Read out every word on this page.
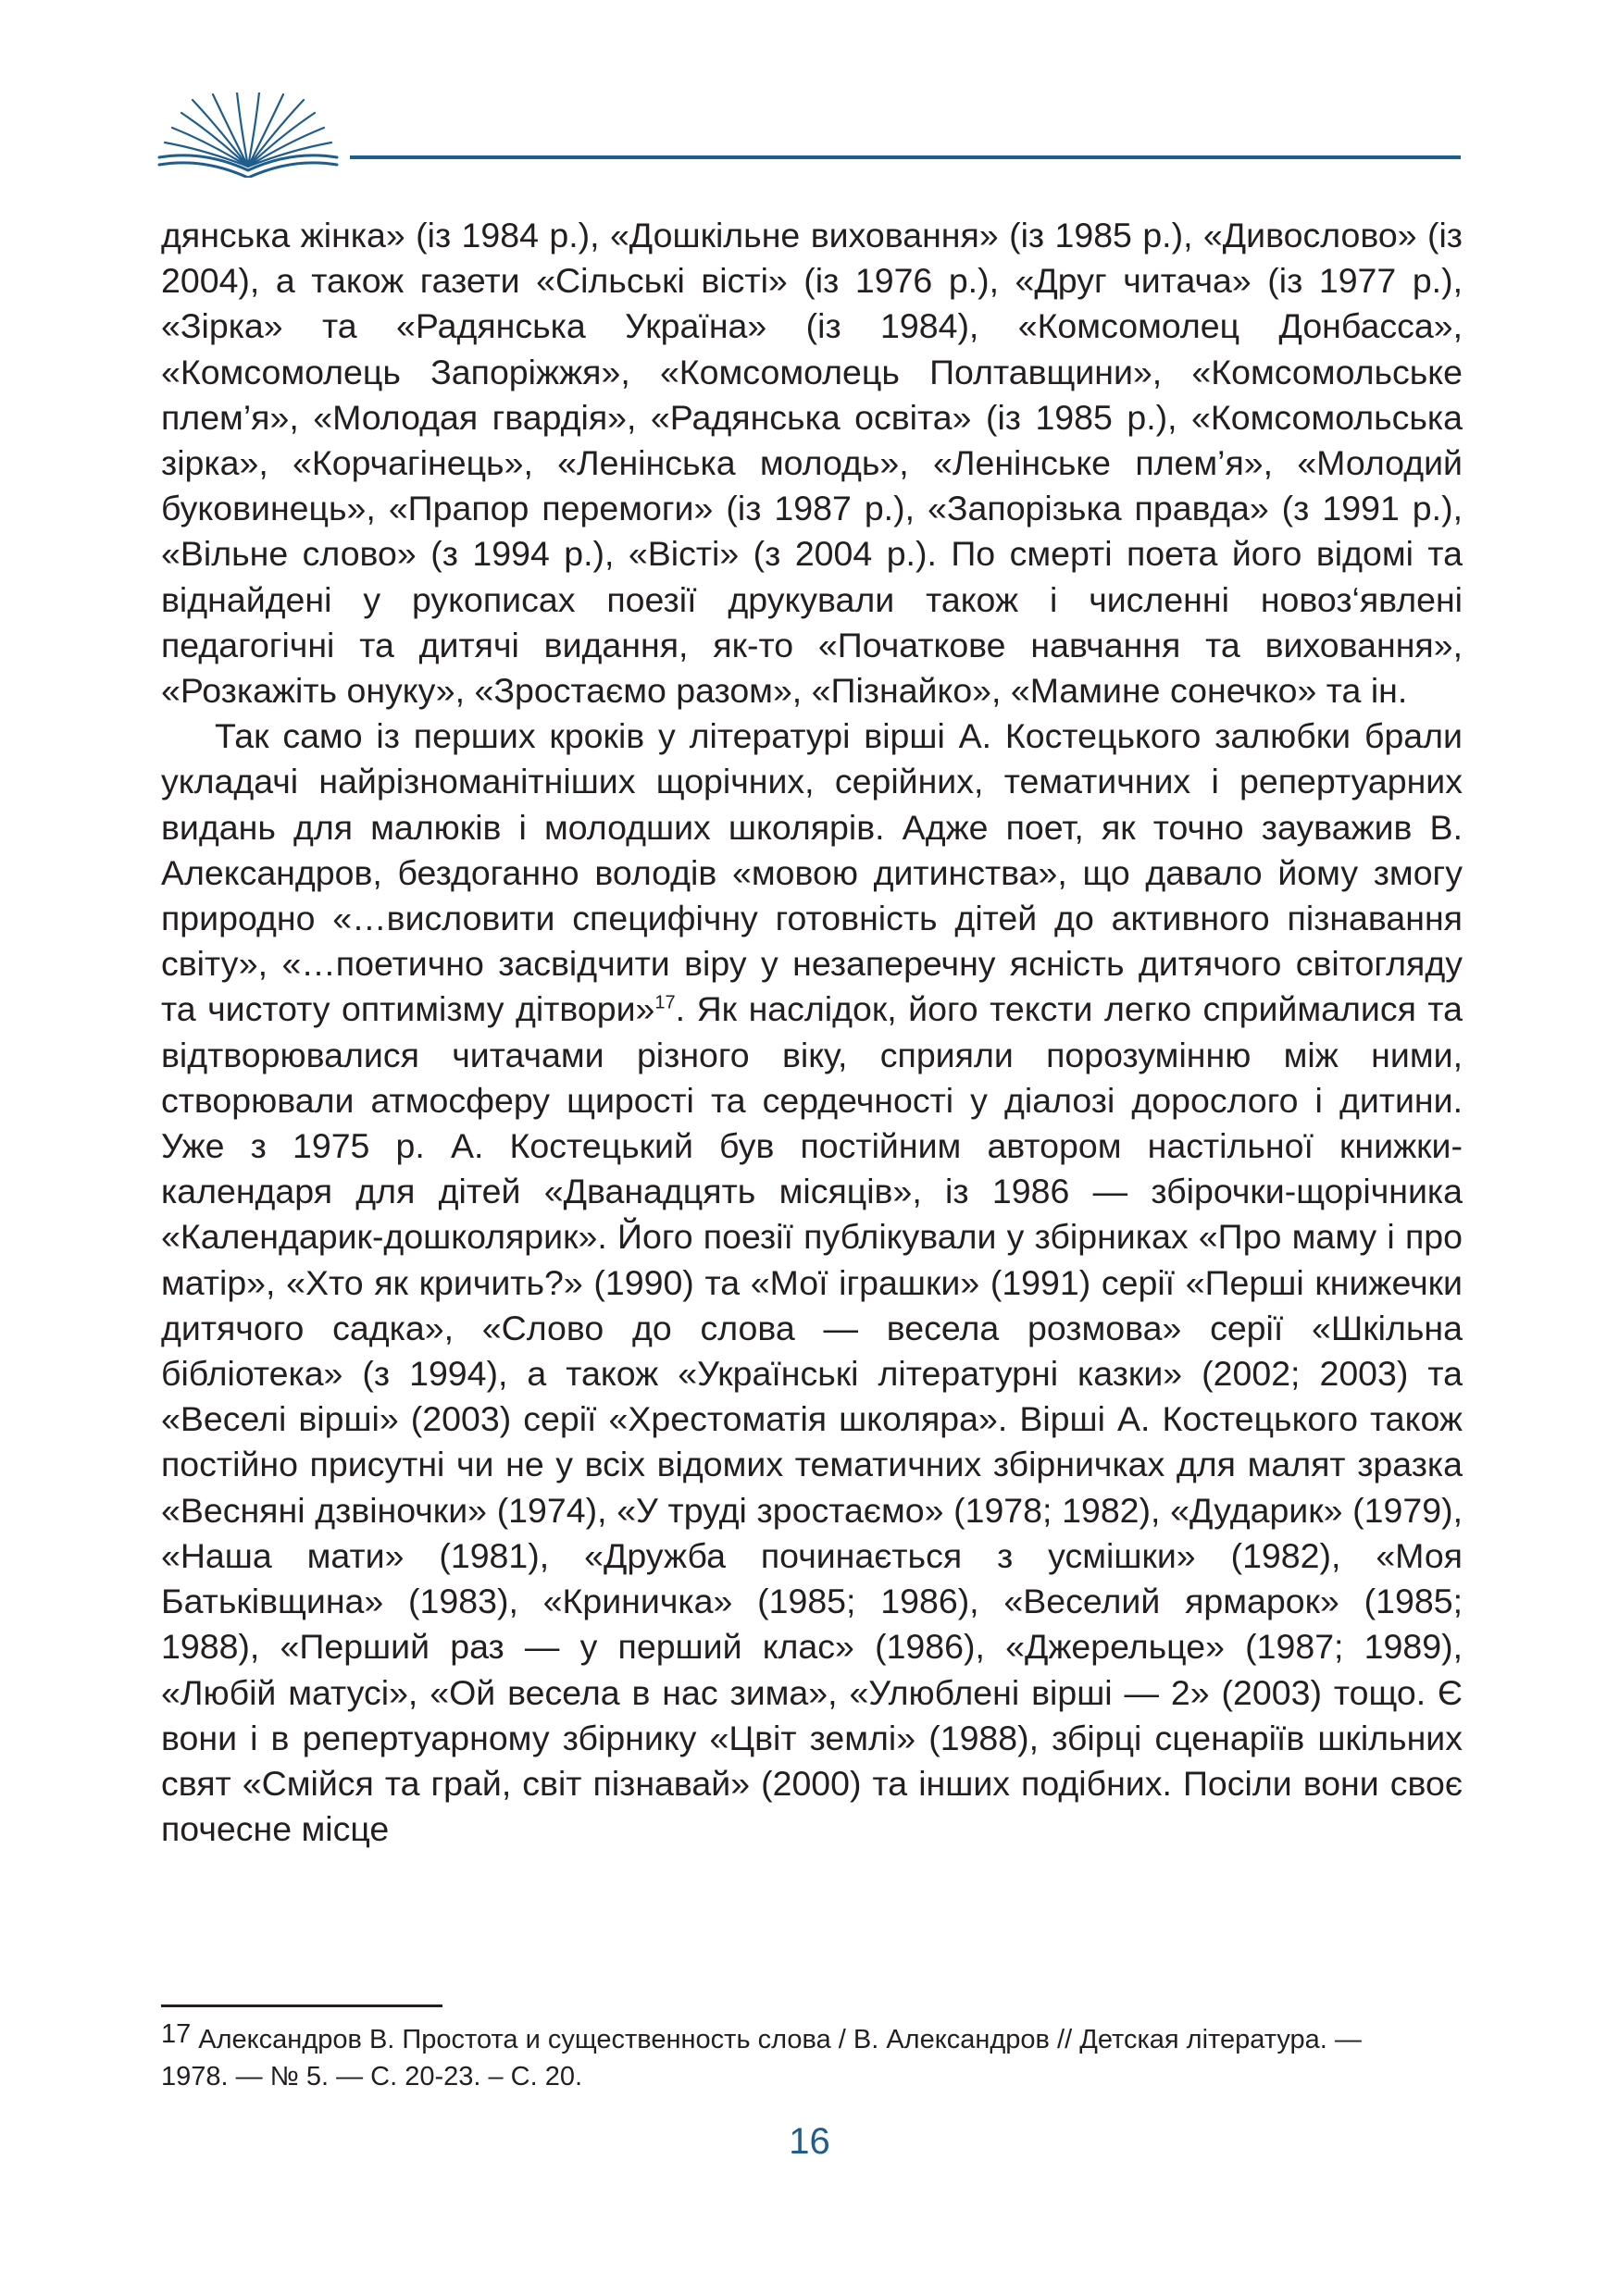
дянська жінка» (із 1984 р.), «Дошкільне виховання» (із 1985 р.), «Дивослово» (із 2004), а також газети «Сільські вісті» (із 1976 р.), «Друг читача» (із 1977 р.), «Зірка» та «Радянська Україна» (із 1984), «Комсомолец Донбасса», «Комсомолець Запоріжжя», «Комсомолець Полтавщини», «Комсомольське плем’я», «Молодая гвардія», «Радянська освіта» (із 1985 р.), «Комсомольська зірка», «Корчагінець», «Ленінська молодь», «Ленінське плем’я», «Молодий буковинець», «Прапор перемоги» (із 1987 р.), «Запорізька правда» (з 1991 р.), «Вільне слово» (з 1994 р.), «Вісті» (з 2004 р.). По смерті поета його відомі та віднайдені у рукописах поезії друкували також і численні новоз‘явлені педагогічні та дитячі видання, як-то «Початкове навчання та виховання», «Розкажіть онуку», «Зростаємо разом», «Пізнайко», «Мамине сонечко» та ін.

Так само із перших кроків у літературі вірші А. Костецького залюбки брали укладачі найрізноманітніших щорічних, серійних, тематичних і репертуарних видань для малюків і молодших школярів. Адже поет, як точно зауважив В. Александров, бездоганно володів «мовою дитинства», що давало йому змогу природно «…висловити специфічну готовність дітей до активного пізнавання світу», «…поетично засвідчити віру у незаперечну ясність дитячого світогляду та чистоту оптимізму дітвори»$^{17}$. Як наслідок, його тексти легко сприймалися та відтворювалися читачами різного віку, сприяли порозумінню між ними, створювали атмосферу щирості та сердечності у діалозі дорослого і дитини. Уже з 1975 р. А. Костецький був постійним автором настільної книжки-календаря для дітей «Дванадцять місяців», із 1986 — збірочки-щорічника «Календарик-дошколярик». Його поезії публікували у збірниках «Про маму і про матір», «Хто як кричить?» (1990) та «Мої іграшки» (1991) серії «Перші книжечки дитячого садка», «Слово до слова — весела розмова» серії «Шкільна бібліотека» (з 1994), а також «Українські літературні казки» (2002; 2003) та «Веселі вірші» (2003) серії «Хрестоматія школяра». Вірші А. Костецького також постійно присутні чи не у всіх відомих тематичних збірничках для малят зразка «Весняні дзвіночки» (1974), «У труді зростаємо» (1978; 1982), «Дударик» (1979), «Наша мати» (1981), «Дружба починається з усмішки» (1982), «Моя Батьківщина» (1983), «Криничка» (1985; 1986), «Веселий ярмарок» (1985; 1988), «Перший раз — у перший клас» (1986), «Джерельце» (1987; 1989), «Любій матусі», «Ой весела в нас зима», «Улюблені вірші — 2» (2003) тощо. Є вони і в репертуарному збірнику «Цвіт землі» (1988), збірці сценаріїв шкільних свят «Смійся та грай, світ пізнавай» (2000) та інших подібних. Посіли вони своє почесне місце

17 Александров В. Простота и существенность слова / В. Александров // Детская література. — 1978. — № 5. — С. 20-23. – С. 20.
16
